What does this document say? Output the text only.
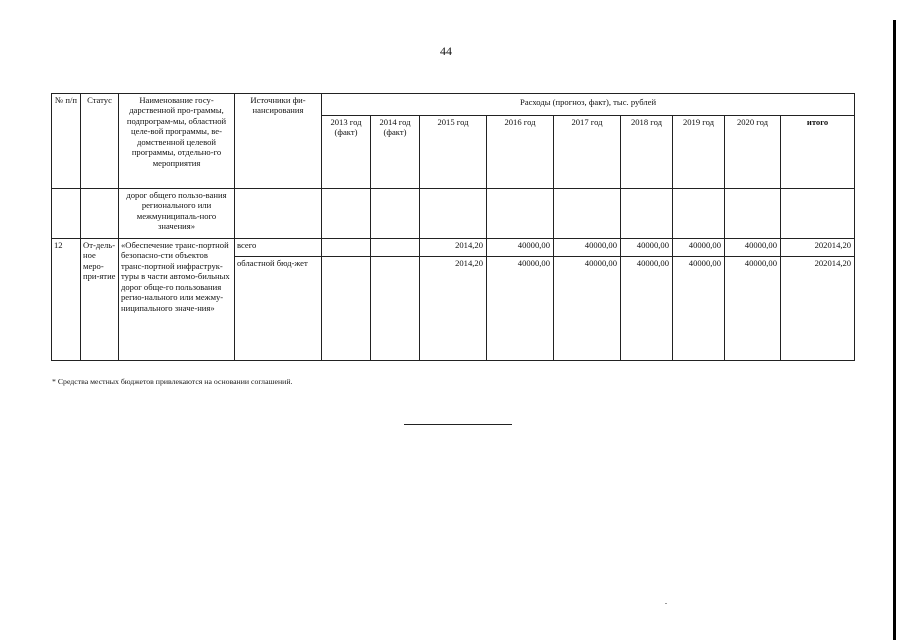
44
№ п/п	Статус	Наименование госу-дарственной про-граммы, подпрограм-мы, областной целе-вой программы, ве-домственной целевой программы, отдельно-го мероприятия	Источники фи-нансирования	Расходы (прогноз, факт), тыс. рублей								
				2013 год (факт)	2014 год (факт)	2015 год	2016 год	2017 год	2018 год	2019 год	2020 год	итого
		дорог общего пользо-вания регионального или межмуниципаль-ного значения»										
12	От-дель-ное меро-при-ятие	«Обеспечение транс-портной безопасно-сти объектов транс-портной инфраструк-туры в части автомо-бильных дорог обще-го пользования регио-нального или межму-ниципального значе-ния»	всего			2014,20	40000,00	40000,00	40000,00	40000,00	40000,00	202014,20
			областной бюд-жет			2014,20	40000,00	40000,00	40000,00	40000,00	40000,00	202014,20
* Средства местных бюджетов привлекаются на основании соглашений.
